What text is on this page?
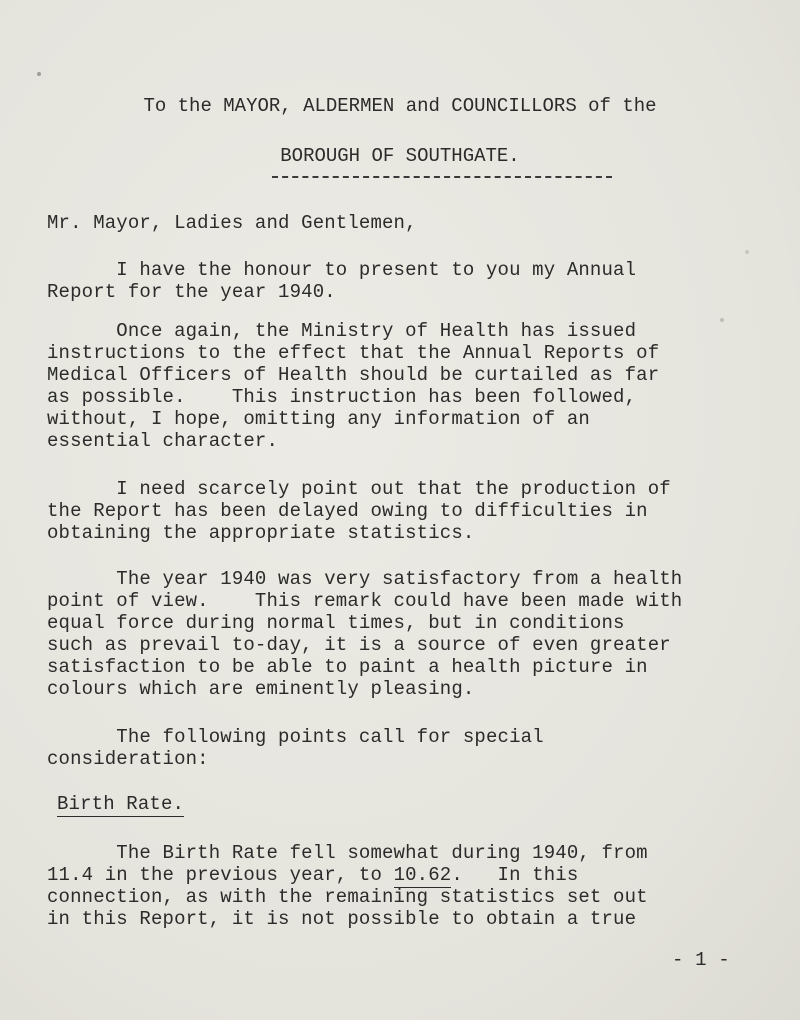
To the MAYOR, ALDERMEN and COUNCILLORS of the
BOROUGH OF SOUTHGATE.
Mr. Mayor, Ladies and Gentlemen,
I have the honour to present to you my Annual
Report for the year 1940.
Once again, the Ministry of Health has issued
instructions to the effect that the Annual Reports of
Medical Officers of Health should be curtailed as far
as possible.    This instruction has been followed,
without, I hope, omitting any information of an
essential character.
I need scarcely point out that the production of
the Report has been delayed owing to difficulties in
obtaining the appropriate statistics.
The year 1940 was very satisfactory from a health
point of view.    This remark could have been made with
equal force during normal times, but in conditions
such as prevail to-day, it is a source of even greater
satisfaction to be able to paint a health picture in
colours which are eminently pleasing.
The following points call for special
consideration:
Birth Rate.
The Birth Rate fell somewhat during 1940, from
11.4 in the previous year, to 10.62.   In this
connection, as with the remaining statistics set out
in this Report, it is not possible to obtain a true
- 1 -
